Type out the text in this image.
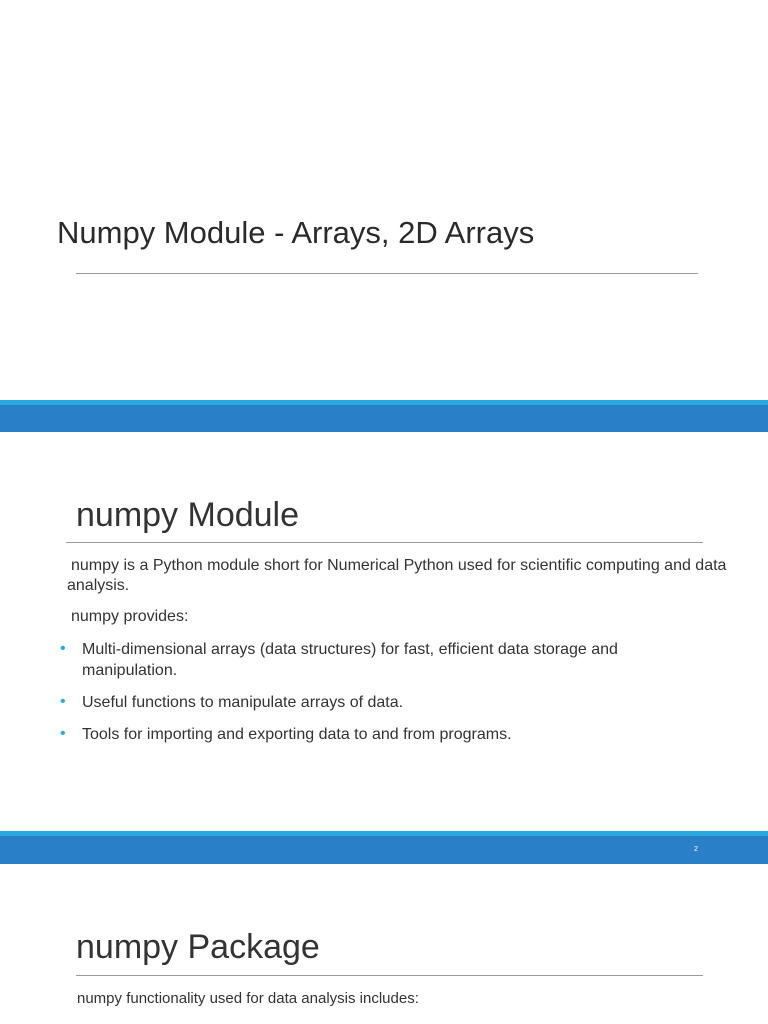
Numpy Module - Arrays, 2D Arrays
numpy Module
numpy is a Python module short for Numerical Python used for scientific computing and data analysis.
numpy provides:
•	Multi-dimensional arrays (data structures) for fast, efficient data storage and manipulation.
•	Useful functions to manipulate arrays of data.
•	Tools for importing and exporting data to and from programs.
2
numpy Package
numpy functionality used for data analysis includes:
